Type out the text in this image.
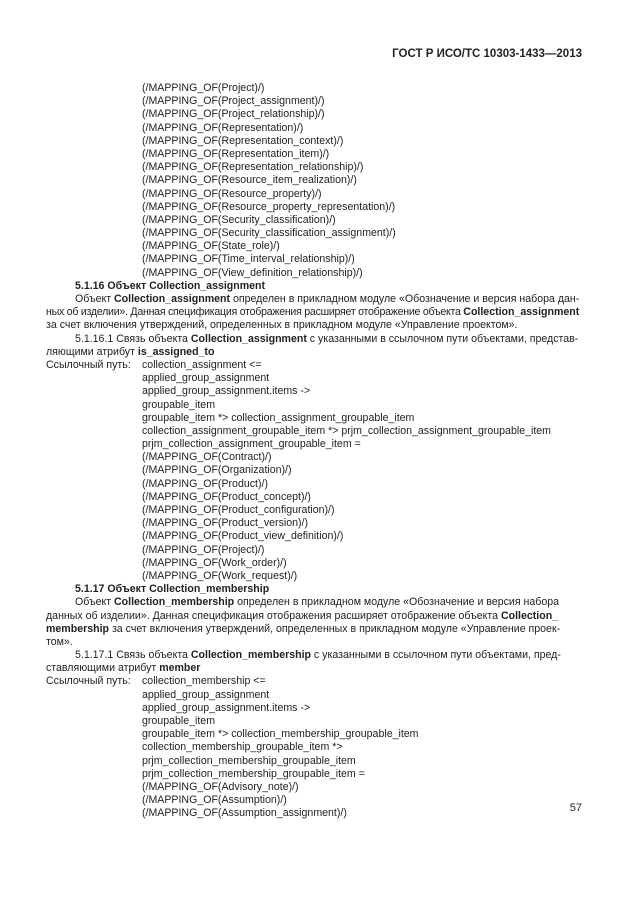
ГОСТ Р ИСО/ТС 10303-1433—2013
(/MAPPING_OF(Project)/)
(/MAPPING_OF(Project_assignment)/)
(/MAPPING_OF(Project_relationship)/)
(/MAPPING_OF(Representation)/)
(/MAPPING_OF(Representation_context)/)
(/MAPPING_OF(Representation_item)/)
(/MAPPING_OF(Representation_relationship)/)
(/MAPPING_OF(Resource_item_realization)/)
(/MAPPING_OF(Resource_property)/)
(/MAPPING_OF(Resource_property_representation)/)
(/MAPPING_OF(Security_classification)/)
(/MAPPING_OF(Security_classification_assignment)/)
(/MAPPING_OF(State_role)/)
(/MAPPING_OF(Time_interval_relationship)/)
(/MAPPING_OF(View_definition_relationship)/)
5.1.16 Объект Collection_assignment
Объект Collection_assignment определен в прикладном модуле «Обозначение и версия набора дан-
ных об изделии». Данная спецификация отображения расширяет отображение объекта Collection_assignment
за счет включения утверждений, определенных в прикладном модуле «Управление проектом».
5.1.16.1 Связь объекта Collection_assignment с указанными в ссылочном пути объектами, представ-
ляющими атрибут is_assigned_to
Ссылочный путь:	collection_assignment <=
applied_group_assignment
applied_group_assignment.items ->
groupable_item
groupable_item *> collection_assignment_groupable_item
collection_assignment_groupable_item *> prjm_collection_assignment_groupable_item
prjm_collection_assignment_groupable_item =
(/MAPPING_OF(Contract)/)
(/MAPPING_OF(Organization)/)
(/MAPPING_OF(Product)/)
(/MAPPING_OF(Product_concept)/)
(/MAPPING_OF(Product_configuration)/)
(/MAPPING_OF(Product_version)/)
(/MAPPING_OF(Product_view_definition)/)
(/MAPPING_OF(Project)/)
(/MAPPING_OF(Work_order)/)
(/MAPPING_OF(Work_request)/)
5.1.17 Объект Collection_membership
Объект Collection_membership определен в прикладном модуле «Обозначение и версия набора
данных об изделии». Данная спецификация отображения расширяет отображение объекта Collection_
membership за счет включения утверждений, определенных в прикладном модуле «Управление проек-
том».
5.1.17.1 Связь объекта Collection_membership с указанными в ссылочном пути объектами, пред-
ставляющими атрибут member
Ссылочный путь:	collection_membership <=
applied_group_assignment
applied_group_assignment.items ->
groupable_item
groupable_item *> collection_membership_groupable_item
collection_membership_groupable_item *>
prjm_collection_membership_groupable_item
prjm_collection_membership_groupable_item =
(/MAPPING_OF(Advisory_note)/)
(/MAPPING_OF(Assumption)/)
(/MAPPING_OF(Assumption_assignment)/)	57
